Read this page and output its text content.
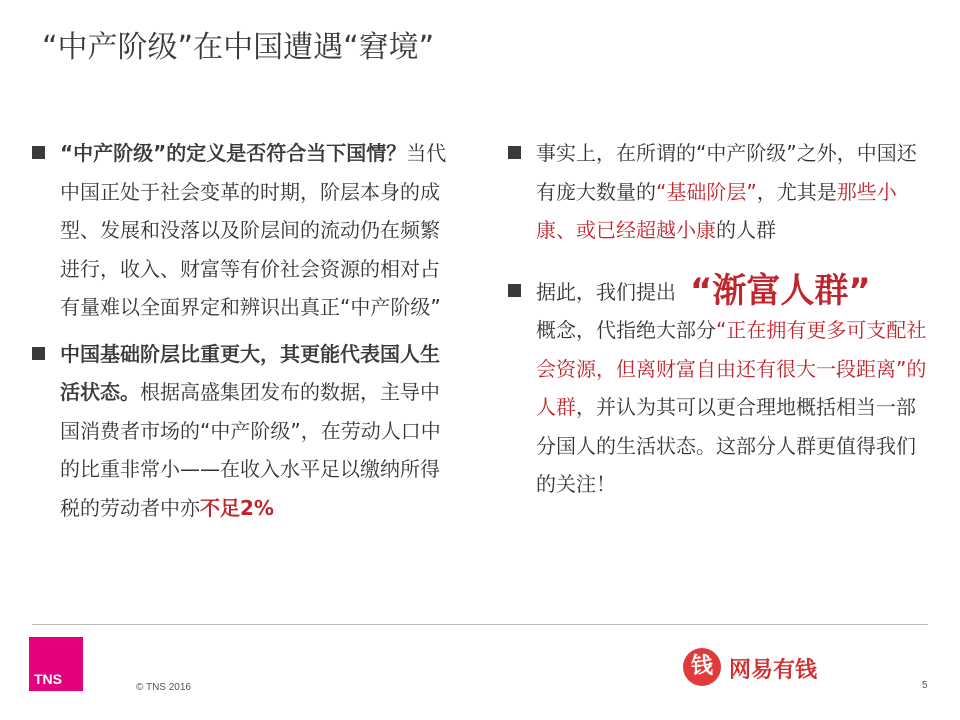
“中产阶级”在中国遭遇“窘境”
“中产阶级”的定义是否符合当下国情？当代中国正处于社会变革的时期，阶层本身的成型、发展和没落以及阶层间的流动仍在频繁进行，收入、财富等有价社会资源的相对占有量难以全面界定和辨识出真正“中产阶级”
中国基础阶层比重更大，其更能代表国人生活状态。根据高盛集团发布的数据，主导中国消费者市场的“中产阶级”，在劳动人口中的比重非常小——在收入水平足以缴纳所得税的劳动者中亦不足2%
事实上，在所谓的“中产阶级”之外，中国还有庞大数量的“基础阶层”，尤其是那些小康、或已经超越小康的人群
据此，我们提出 “渐富人群”
概念，代指绝大部分“正在拥有更多可支配社会资源，但离财富自由还有很大一段距离”的人群，并认为其可以更合理地概括相当一部分国人的生活状态。这部分人群更值得我们的关注！
TNS
© TNS 2016
钱 网易有钱
5
